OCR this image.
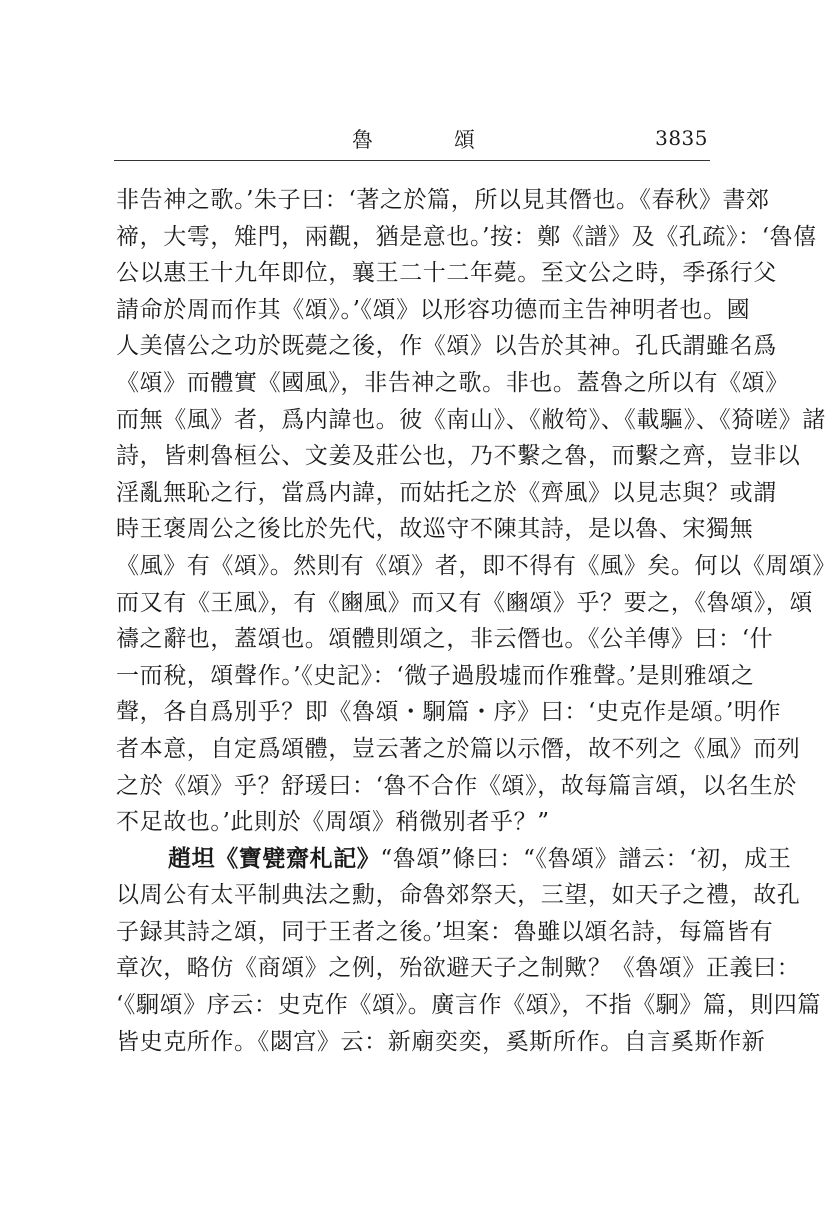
魯　頌	3835
非告神之歌。’朱子曰：‘著之於篇，所以見其僭也。《春秋》書郊
禘，大雩，雉門，兩觀，猶是意也。’按：鄭《譜》及《孔疏》：‘魯僖
公以惠王十九年即位，襄王二十二年薨。至文公之時，季孫行父
請命於周而作其《頌》。’《頌》以形容功德而主告神明者也。國
人美僖公之功於既薨之後，作《頌》以告於其神。孔氏謂雖名爲
《頌》而體實《國風》，非告神之歌。非也。蓋魯之所以有《頌》
而無《風》者，爲内諱也。彼《南山》、《敝笱》、《載驅》、《猗嗟》諸
詩，皆刺魯桓公、文姜及莊公也，乃不繫之魯，而繫之齊，豈非以
淫亂無恥之行，當爲内諱，而姑托之於《齊風》以見志與？或謂
時王褒周公之後比於先代，故巡守不陳其詩，是以魯、宋獨無
《風》有《頌》。然則有《頌》者，即不得有《風》矣。何以《周頌》
而又有《王風》，有《豳風》而又有《豳頌》乎？要之，《魯頌》，頌
禱之辭也，蓋頌也。頌體則頌之，非云僭也。《公羊傳》曰：‘什
一而稅，頌聲作。’《史記》：‘微子過殷墟而作雅聲。’是則雅頌之
聲，各自爲別乎？即《魯頌・駉篇・序》曰：‘史克作是頌。’明作
者本意，自定爲頌體，豈云著之於篇以示僭，故不列之《風》而列
之於《頌》乎？舒瑗曰：‘魯不合作《頌》，故每篇言頌，以名生於
不足故也。’此則於《周頌》稍微别者乎？”
趙坦《寶甓齋札記》“魯頌”條曰：“《魯頌》譜云：‘初，成王
以周公有太平制典法之勳，命魯郊祭天，三望，如天子之禮，故孔
子録其詩之頌，同于王者之後。’坦案：魯雖以頌名詩，每篇皆有
章次，略仿《商頌》之例，殆欲避天子之制歟？《魯頌》正義曰：
‘《駉頌》序云：史克作《頌》。廣言作《頌》，不指《駉》篇，則四篇
皆史克所作。《閟宫》云：新廟奕奕，奚斯所作。自言奚斯作新
